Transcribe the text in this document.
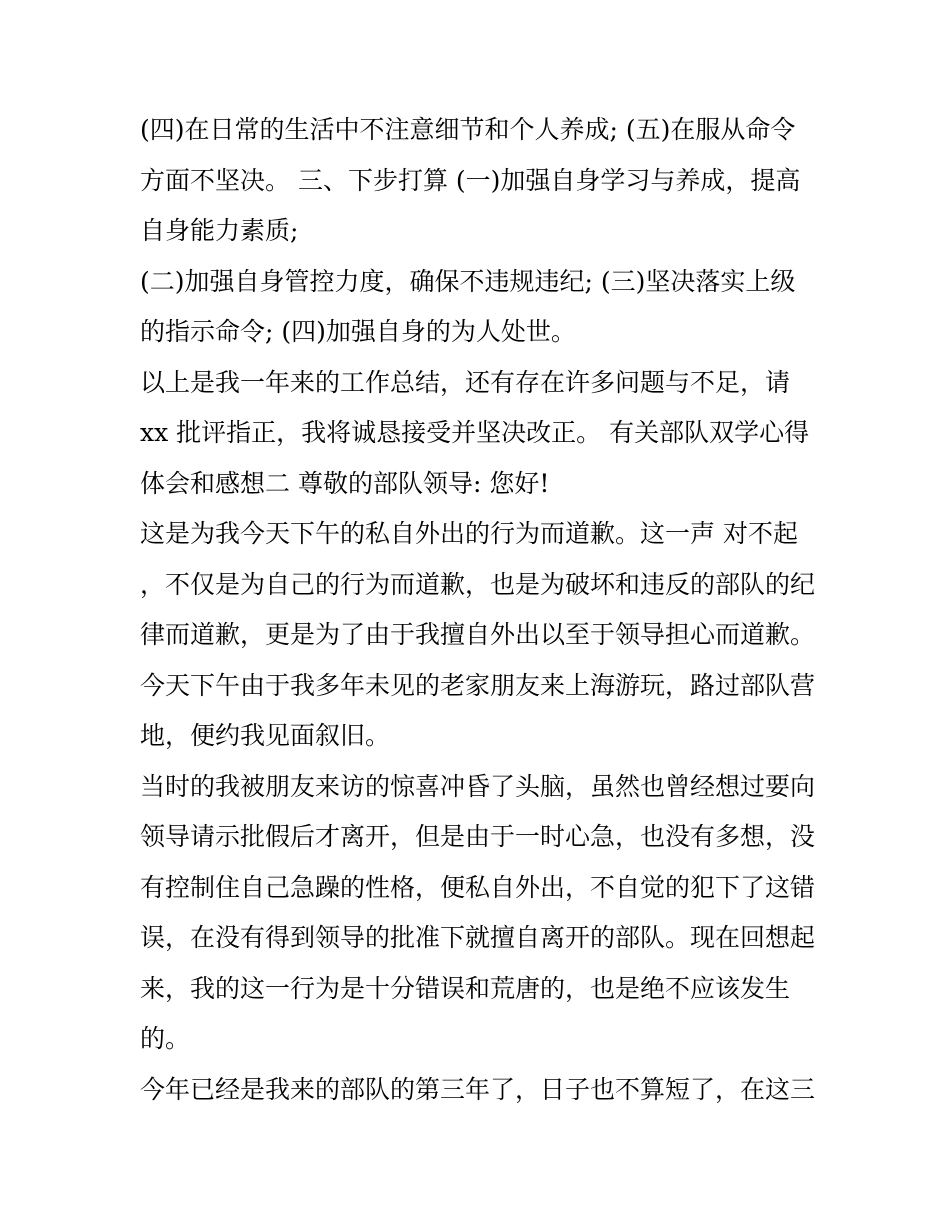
(四)在日常的生活中不注意细节和个人养成; (五)在服从命令
方面不坚决。 三、下步打算 (一)加强自身学习与养成，提高
自身能力素质;
(二)加强自身管控力度，确保不违规违纪; (三)坚决落实上级
的指示命令; (四)加强自身的为人处世。
以上是我一年来的工作总结，还有存在许多问题与不足，请
xx 批评指正，我将诚恳接受并坚决改正。 有关部队双学心得
体会和感想二 尊敬的部队领导: 您好!
这是为我今天下午的私自外出的行为而道歉。这一声 对不起
，不仅是为自己的行为而道歉，也是为破坏和违反的部队的纪
律而道歉，更是为了由于我擅自外出以至于领导担心而道歉。
今天下午由于我多年未见的老家朋友来上海游玩，路过部队营
地，便约我见面叙旧。
当时的我被朋友来访的惊喜冲昏了头脑，虽然也曾经想过要向
领导请示批假后才离开，但是由于一时心急，也没有多想，没
有控制住自己急躁的性格，便私自外出，不自觉的犯下了这错
误，在没有得到领导的批准下就擅自离开的部队。现在回想起
来，我的这一行为是十分错误和荒唐的，也是绝不应该发生
的。
今年已经是我来的部队的第三年了，日子也不算短了，在这三
